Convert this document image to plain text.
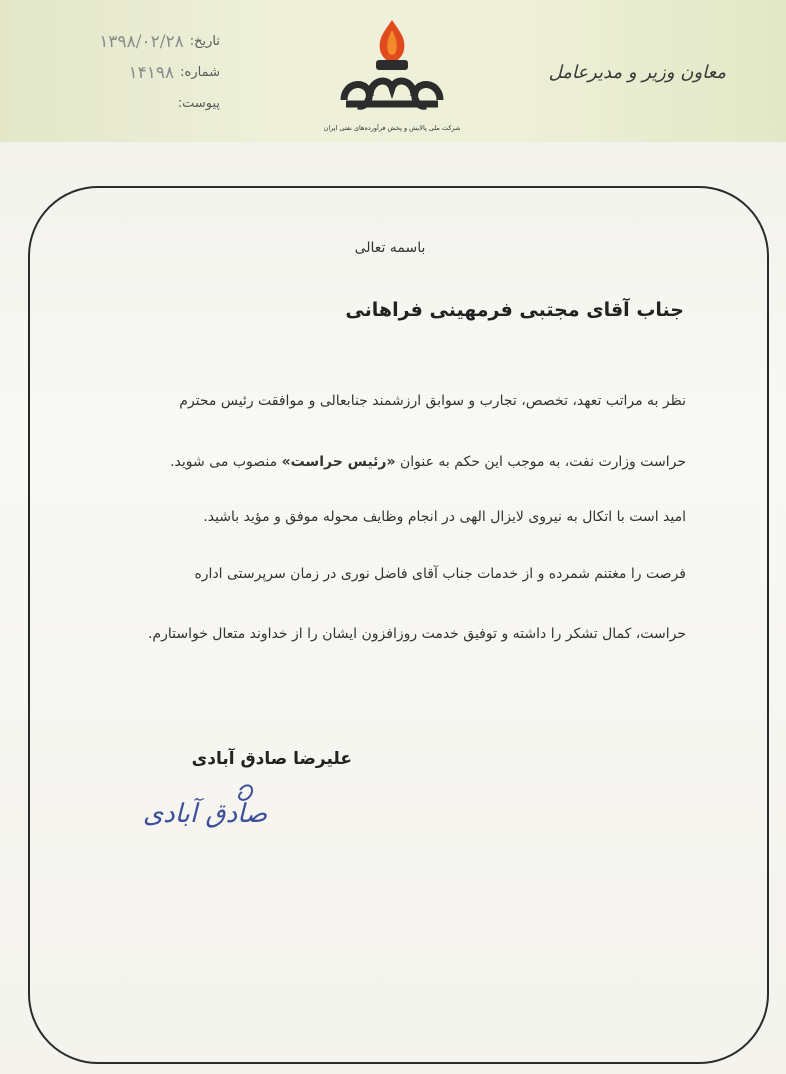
تاریخ:
۱۳۹۸/۰۲/۲۸
شماره:
۱۴۱۹۸
پیوست:
شرکت ملی پالایش و پخش فرآورده‌های نفتی ایران
معاون وزیر و مدیرعامل
باسمه تعالی
جناب آقای مجتبی فرمهینی فراهانی
نظر به مراتب تعهد، تخصص، تجارب و سوابق ارزشمند جنابعالی و موافقت رئیس محترم
حراست وزارت نفت، به موجب این حکم به عنوان «رئیس حراست» منصوب می شوید.
امید است با اتکال به نیروی لایزال الهی در انجام وظایف محوله موفق و مؤید باشید.
فرصت را مغتنم شمرده و از خدمات جناب آقای فاضل نوری در زمان سرپرستی اداره
حراست، کمال تشکر را داشته و توفیق خدمت روزافزون ایشان را از خداوند متعال خواستارم.
علیرضا صادق آبادی
صادق آبادی
